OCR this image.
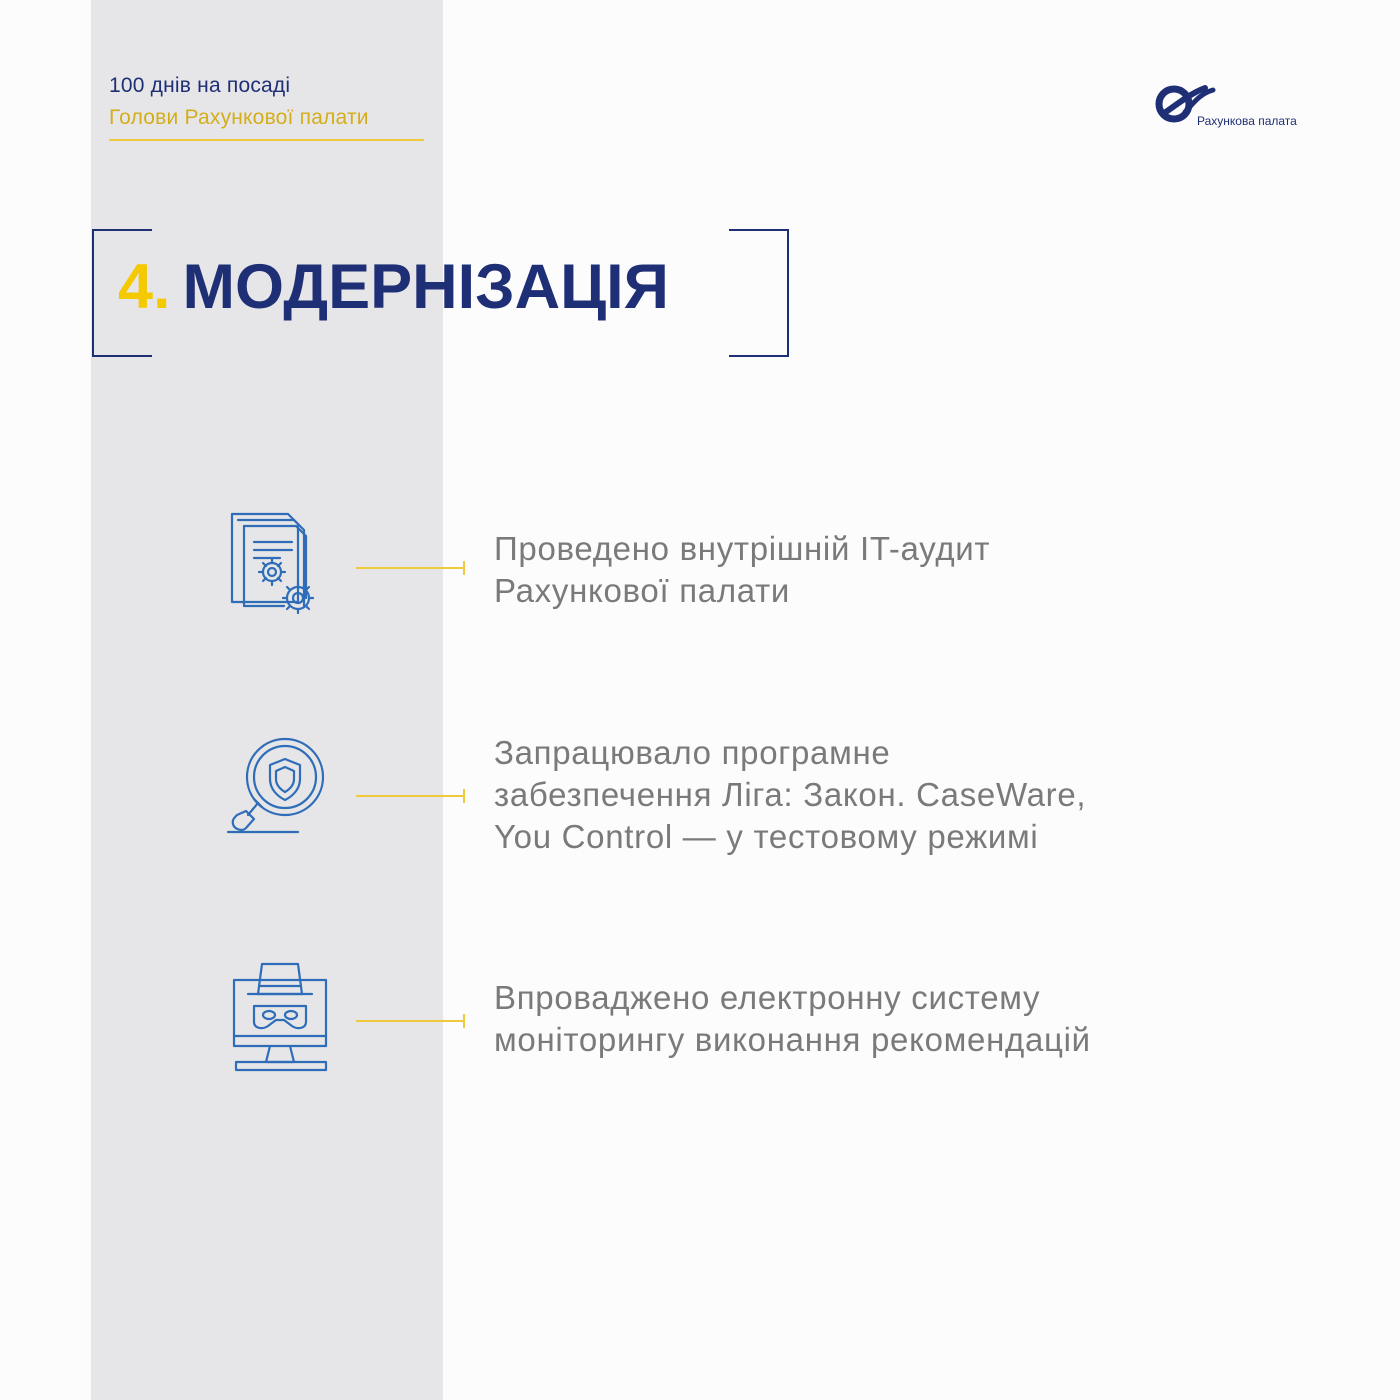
100 днів на посаді
Голови Рахункової палати	Рахункова палата
4. МОДЕРНІЗАЦІЯ
Проведено внутрішній IT-аудит
Рахункової палати
Запрацювало програмне
забезпечення Ліга: Закон. CaseWare,
You Control — у тестовому режимі
Впроваджено електронну систему
моніторингу виконання рекомендацій
